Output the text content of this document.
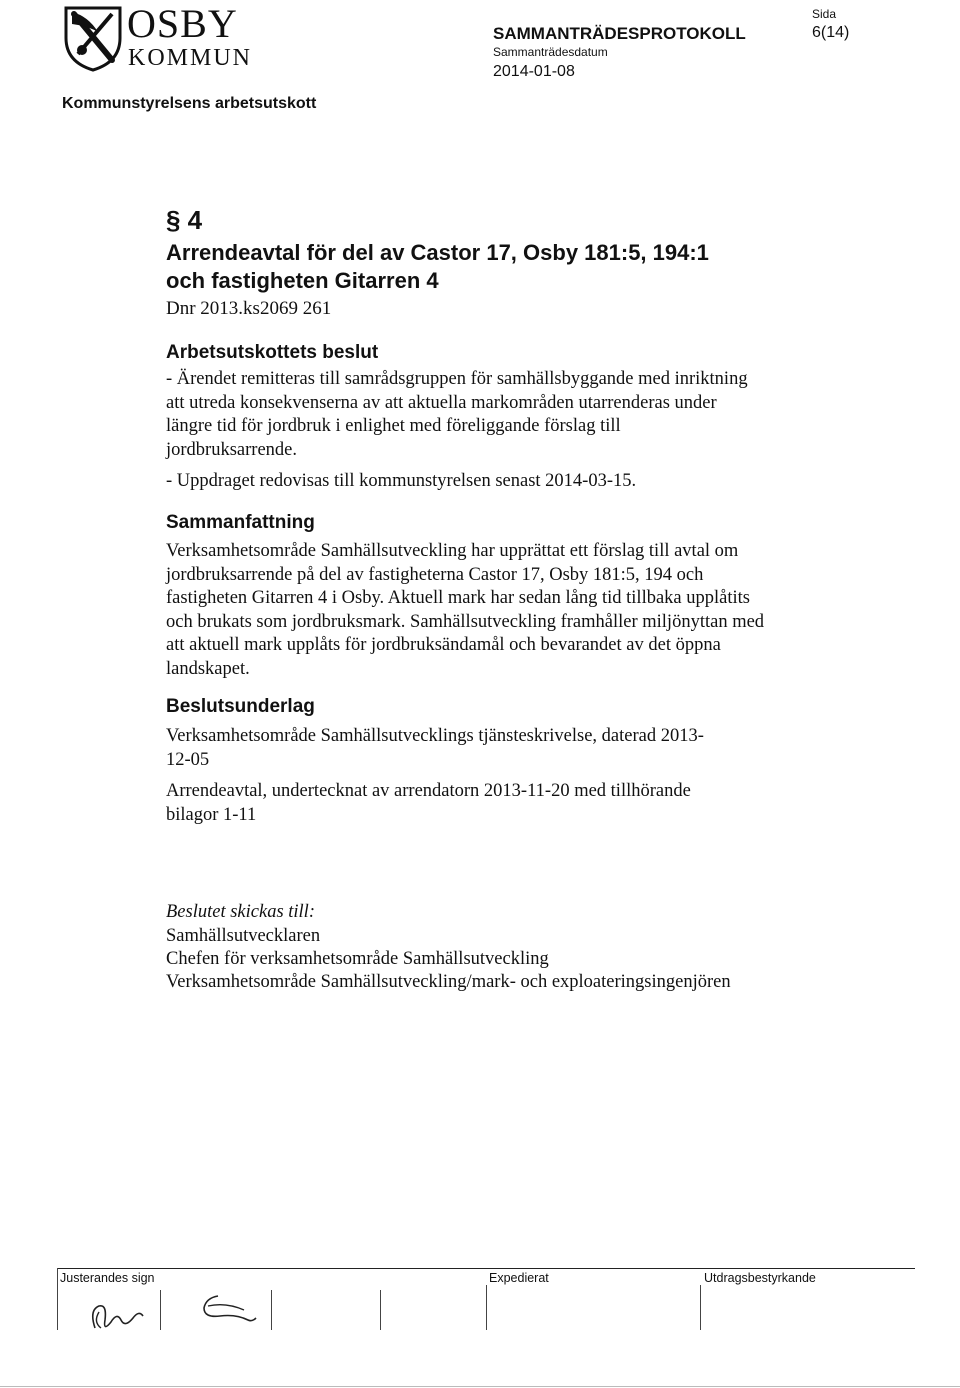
OSBY
KOMMUN
SAMMANTRÄDESPROTOKOLL
Sammanträdesdatum
2014-01-08
Sida
6(14)
Kommunstyrelsens arbetsutskott
§ 4
Arrendeavtal för del av Castor 17, Osby 181:5, 194:1
och fastigheten Gitarren 4
Dnr 2013.ks2069 261
Arbetsutskottets beslut
- Ärendet remitteras till samrådsgruppen för samhällsbyggande med inriktning att utreda konsekvenserna av att aktuella markområden utarrenderas under längre tid för jordbruk i enlighet med föreliggande förslag till jordbruksarrende.
- Uppdraget redovisas till kommunstyrelsen senast 2014-03-15.
Sammanfattning
Verksamhetsområde Samhällsutveckling har upprättat ett förslag till avtal om jordbruksarrende på del av fastigheterna Castor 17, Osby 181:5, 194 och fastigheten Gitarren 4 i Osby. Aktuell mark har sedan lång tid tillbaka upplåtits och brukats som jordbruksmark. Samhällsutveckling framhåller miljönyttan med att aktuell mark upplåts för jordbruksändamål och bevarandet av det öppna landskapet.
Beslutsunderlag
Verksamhetsområde Samhällsutvecklings tjänsteskrivelse, daterad 2013-12-05
Arrendeavtal, undertecknat av arrendatorn 2013-11-20 med tillhörande bilagor 1-11
Beslutet skickas till:
Samhällsutvecklaren
Chefen för verksamhetsområde Samhällsutveckling
Verksamhetsområde Samhällsutveckling/mark- och exploateringsingenjören
Justerandes sign	Expedierat	Utdragsbestyrkande
